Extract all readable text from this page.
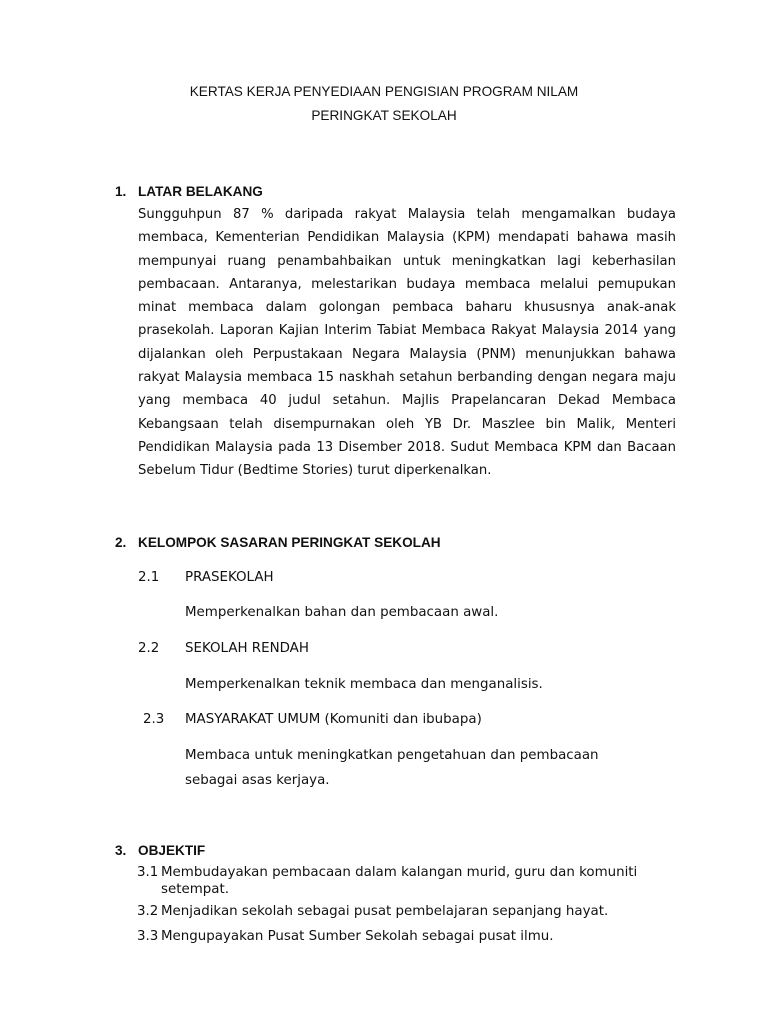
KERTAS KERJA PENYEDIAAN PENGISIAN PROGRAM NILAM
PERINGKAT SEKOLAH
1. LATAR BELAKANG
Sungguhpun 87 % daripada rakyat Malaysia telah mengamalkan budaya membaca, Kementerian Pendidikan Malaysia (KPM) mendapati bahawa masih mempunyai ruang penambahbaikan untuk meningkatkan lagi keberhasilan pembacaan. Antaranya, melestarikan budaya membaca melalui pemupukan minat membaca dalam golongan pembaca baharu khususnya anak-anak prasekolah. Laporan Kajian Interim Tabiat Membaca Rakyat Malaysia 2014 yang dijalankan oleh Perpustakaan Negara Malaysia (PNM) menunjukkan bahawa rakyat Malaysia membaca 15 naskhah setahun berbanding dengan negara maju yang membaca 40 judul setahun. Majlis Prapelancaran Dekad Membaca Kebangsaan telah disempurnakan oleh YB Dr. Maszlee bin Malik, Menteri Pendidikan Malaysia pada 13 Disember 2018. Sudut Membaca KPM dan Bacaan Sebelum Tidur (Bedtime Stories) turut diperkenalkan.
2. KELOMPOK SASARAN PERINGKAT SEKOLAH
2.1 PRASEKOLAH
Memperkenalkan bahan dan pembacaan awal.
2.2 SEKOLAH RENDAH
Memperkenalkan teknik membaca dan menganalisis.
2.3 MASYARAKAT UMUM (Komuniti dan ibubapa)
Membaca untuk meningkatkan pengetahuan dan pembacaan sebagai asas kerjaya.
3. OBJEKTIF
3.1 Membudayakan pembacaan dalam kalangan murid, guru dan komuniti setempat.
3.2 Menjadikan sekolah sebagai pusat pembelajaran sepanjang hayat.
3.3 Mengupayakan Pusat Sumber Sekolah sebagai pusat ilmu.
